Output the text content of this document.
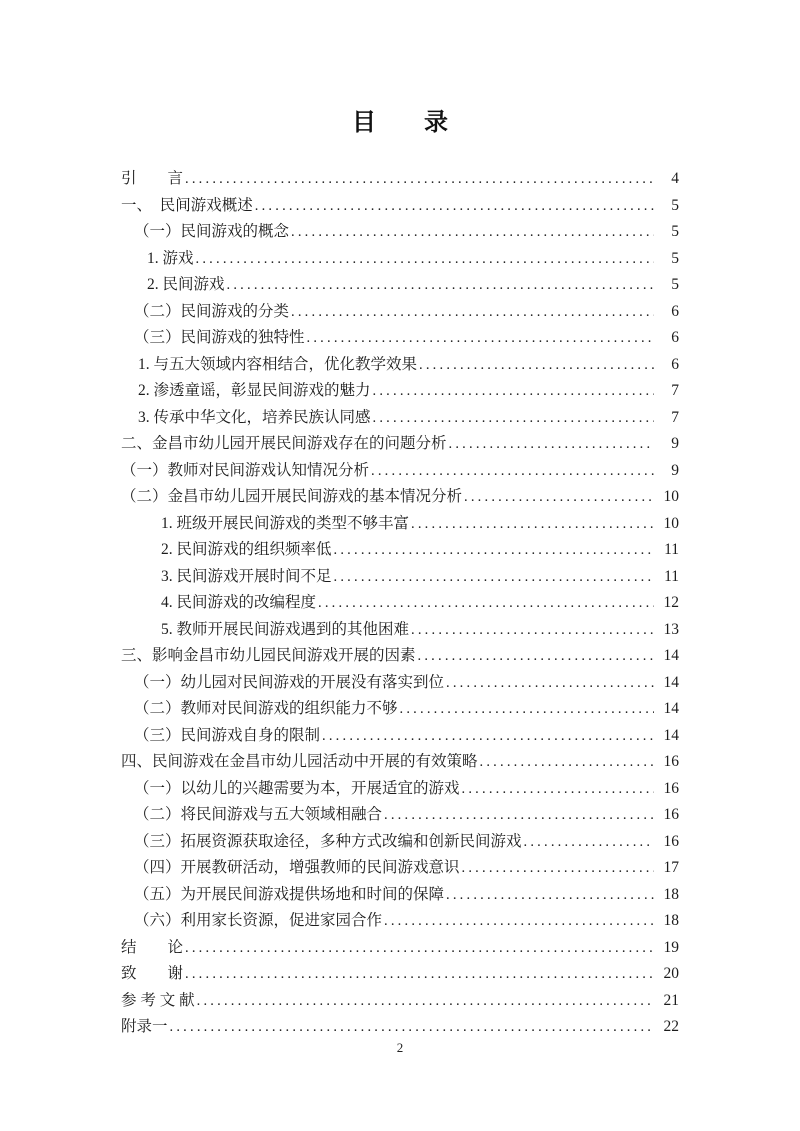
目　　录
引　　言 .....	4
一、　民间游戏概述 .....	5
（一）民间游戏的概念 .....	5
1. 游戏 .....	5
2. 民间游戏 .....	5
（二）民间游戏的分类 .....	6
（三）民间游戏的独特性 .....	6
1. 与五大领域内容相结合，优化教学效果 .....	6
2. 渗透童谣，彰显民间游戏的魅力 .....	7
3. 传承中华文化，培养民族认同感 .....	7
二、金昌市幼儿园开展民间游戏存在的问题分析 .....	9
（一）教师对民间游戏认知情况分析 .....	9
（二）金昌市幼儿园开展民间游戏的基本情况分析 .....	10
1. 班级开展民间游戏的类型不够丰富 .....	10
2. 民间游戏的组织频率低 .....	11
3. 民间游戏开展时间不足 .....	11
4. 民间游戏的改编程度 .....	12
5. 教师开展民间游戏遇到的其他困难 .....	13
三、影响金昌市幼儿园民间游戏开展的因素 .....	14
（一）幼儿园对民间游戏的开展没有落实到位 .....	14
（二）教师对民间游戏的组织能力不够 .....	14
（三）民间游戏自身的限制 .....	14
四、民间游戏在金昌市幼儿园活动中开展的有效策略 .....	16
（一）以幼儿的兴趣需要为本，开展适宜的游戏 .....	16
（二）将民间游戏与五大领域相融合 .....	16
（三）拓展资源获取途径，多种方式改编和创新民间游戏 .....	16
（四）开展教研活动，增强教师的民间游戏意识 .....	17
（五）为开展民间游戏提供场地和时间的保障 .....	18
（六）利用家长资源，促进家园合作 .....	18
结　　论 .....	19
致　　谢 .....	20
参 考 文 献 .....	21
附录一 .....	22
2
